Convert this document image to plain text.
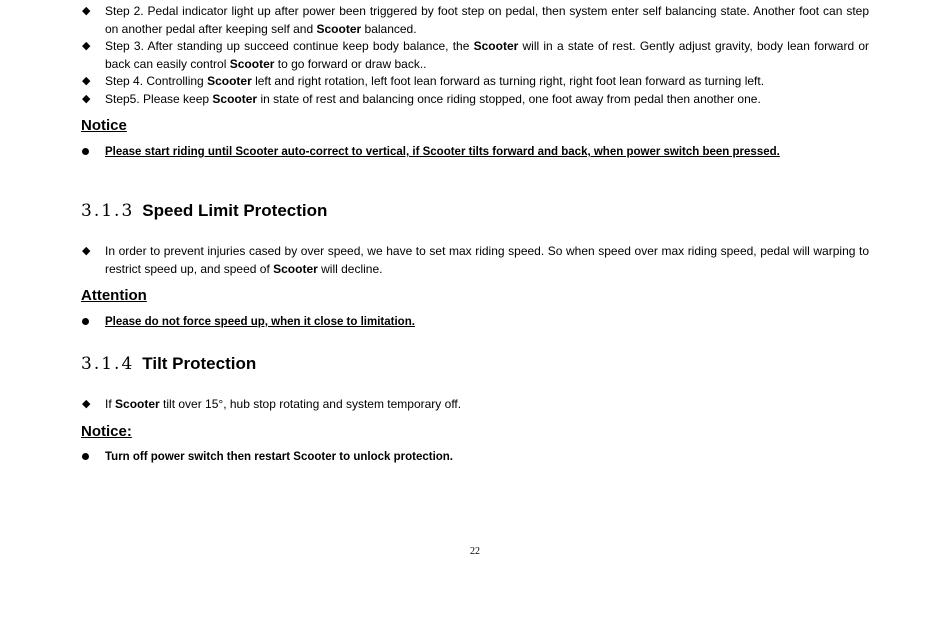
◆	Step 2. Pedal indicator light up after power been triggered by foot step on pedal, then system enter self balancing state. Another foot can step on another pedal after keeping self and Scooter balanced.
◆	Step 3. After standing up succeed continue keep body balance, the Scooter will in a state of rest. Gently adjust gravity, body lean forward or back can easily control Scooter to go forward or draw back..
◆	Step 4. Controlling Scooter left and right rotation, left foot lean forward as turning right, right foot lean forward as turning left.
◆	Step5. Please keep Scooter in state of rest and balancing once riding stopped, one foot away from pedal then another one.
Notice
Please start riding until Scooter auto-correct to vertical, if Scooter tilts forward and back, when power switch been pressed.
3.1.3 Speed Limit Protection
◆	In order to prevent injuries cased by over speed, we have to set max riding speed. So when speed over max riding speed, pedal will warping to restrict speed up, and speed of Scooter will decline.
Attention
Please do not force speed up, when it close to limitation.
3.1.4 Tilt Protection
◆	If Scooter tilt over 15°, hub stop rotating and system temporary off.
Notice:
Turn off power switch then restart Scooter to unlock protection.
22
